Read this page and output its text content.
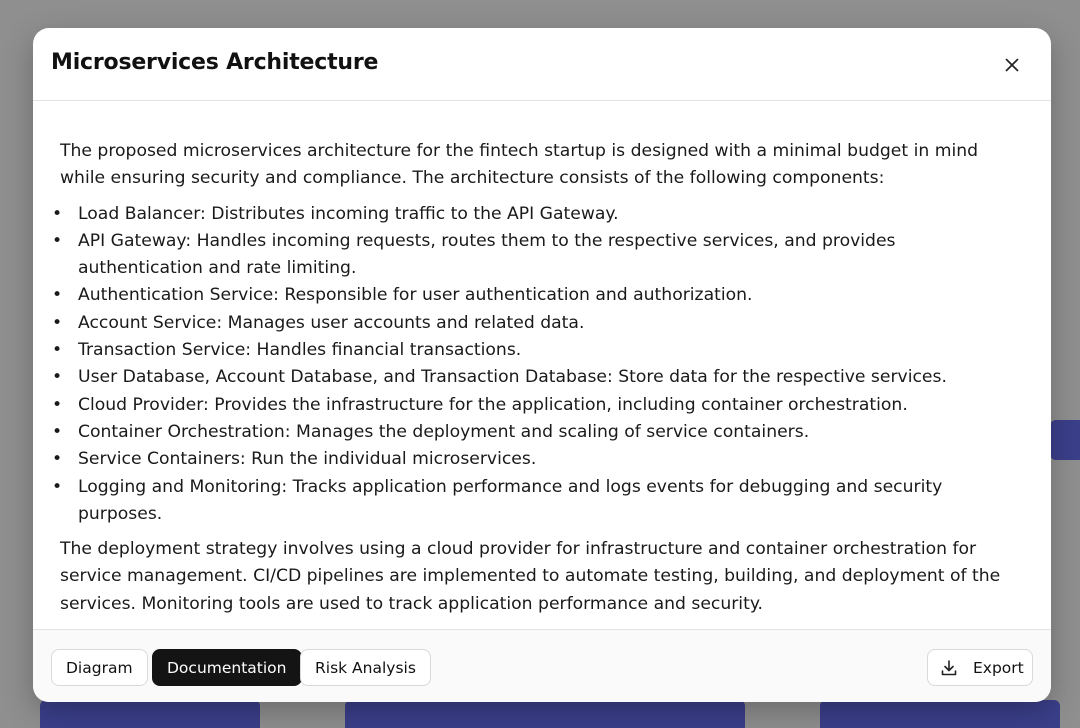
Microservices Architecture

The proposed microservices architecture for the fintech startup is designed with a minimal budget in mind while ensuring security and compliance. The architecture consists of the following components:

• Load Balancer: Distributes incoming traffic to the API Gateway.
• API Gateway: Handles incoming requests, routes them to the respective services, and provides authentication and rate limiting.
• Authentication Service: Responsible for user authentication and authorization.
• Account Service: Manages user accounts and related data.
• Transaction Service: Handles financial transactions.
• User Database, Account Database, and Transaction Database: Store data for the respective services.
• Cloud Provider: Provides the infrastructure for the application, including container orchestration.
• Container Orchestration: Manages the deployment and scaling of service containers.
• Service Containers: Run the individual microservices.
• Logging and Monitoring: Tracks application performance and logs events for debugging and security purposes.

The deployment strategy involves using a cloud provider for infrastructure and container orchestration for service management. CI/CD pipelines are implemented to automate testing, building, and deployment of the services. Monitoring tools are used to track application performance and security.

Diagram	Documentation	Risk Analysis	Export
